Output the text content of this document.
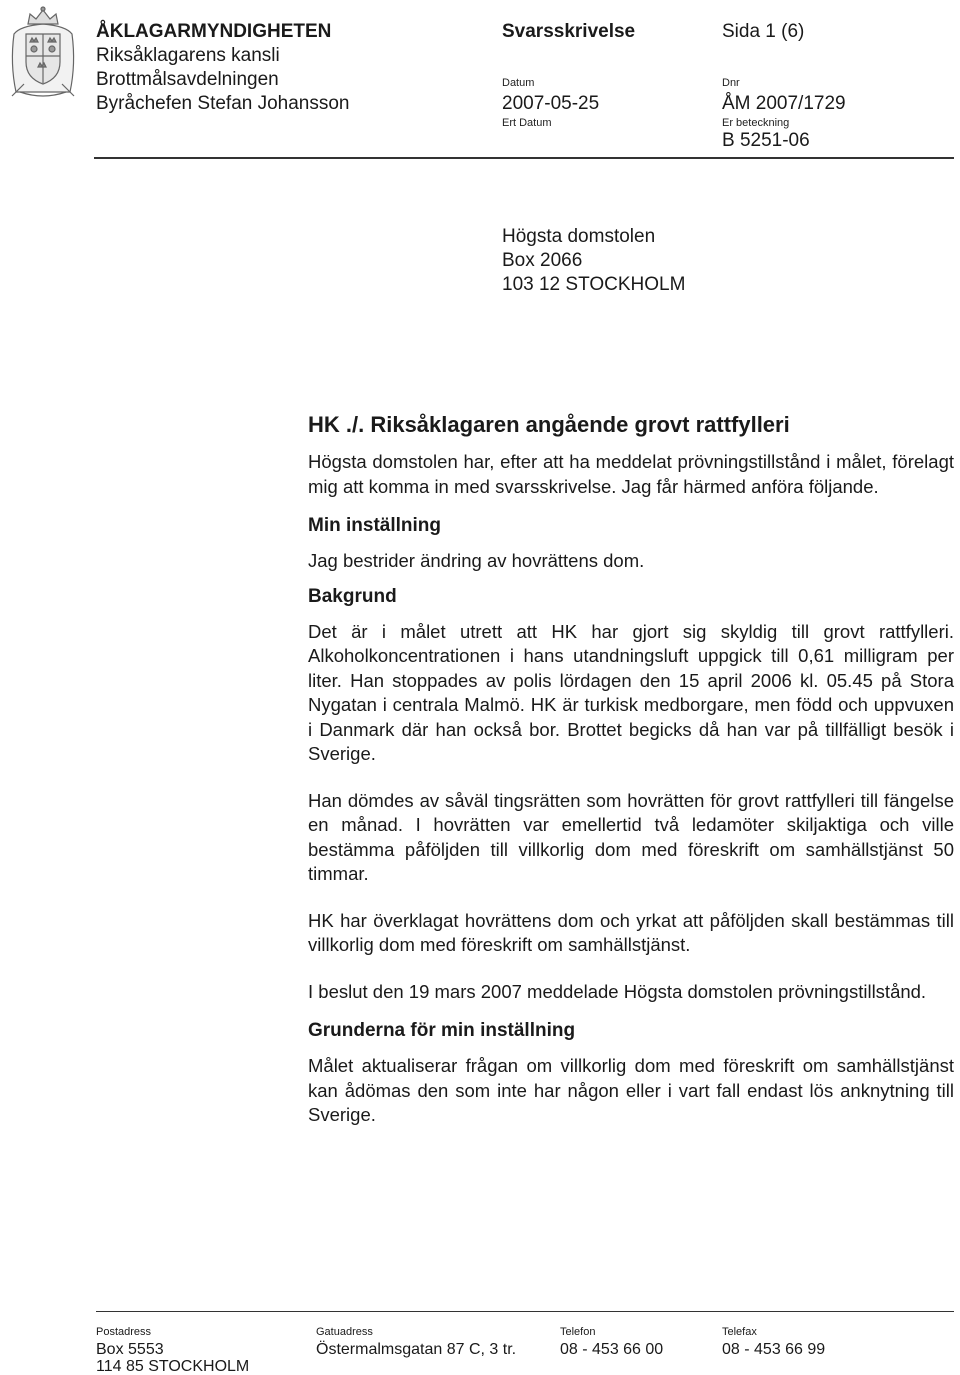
ÅKLAGARMYNDIGHETEN
Riksåklagarens kansli
Brottmålsavdelningen
Byråchefen Stefan Johansson
Svarsskrivelse
Datum
2007-05-25
Ert Datum
Sida 1 (6)
Dnr
ÅM 2007/1729
Er beteckning
B 5251-06
Högsta domstolen
Box 2066
103 12 STOCKHOLM
HK ./. Riksåklagaren angående grovt rattfylleri

Högsta domstolen har, efter att ha meddelat prövningstillstånd i målet, förelagt mig att komma in med svarsskrivelse. Jag får härmed anföra följande.

Min inställning

Jag bestrider ändring av hovrättens dom.

Bakgrund

Det är i målet utrett att HK har gjort sig skyldig till grovt rattfylleri. Alkoholkoncentrationen i hans utandningsluft uppgick till 0,61 milligram per liter. Han stoppades av polis lördagen den 15 april 2006 kl. 05.45 på Stora Nygatan i centrala Malmö. HK är turkisk medborgare, men född och uppvuxen i Danmark där han också bor. Brottet begicks då han var på tillfälligt besök i Sverige.

Han dömdes av såväl tingsrätten som hovrätten för grovt rattfylleri till fängelse en månad. I hovrätten var emellertid två ledamöter skiljaktiga och ville bestämma påföljden till villkorlig dom med föreskrift om samhällstjänst 50 timmar.

HK har överklagat hovrättens dom och yrkat att påföljden skall bestämmas till villkorlig dom med föreskrift om samhällstjänst.

I beslut den 19 mars 2007 meddelade Högsta domstolen prövningstillstånd.

Grunderna för min inställning

Målet aktualiserar frågan om villkorlig dom med föreskrift om samhällstjänst kan ådömas den som inte har någon eller i vart fall endast lös anknytning till Sverige.

Postadress
Box 5553
114 85 STOCKHOLM
Gatuadress
Östermalmsgatan 87 C, 3 tr.
Telefon
08 - 453 66 00
Telefax
08 - 453 66 99
